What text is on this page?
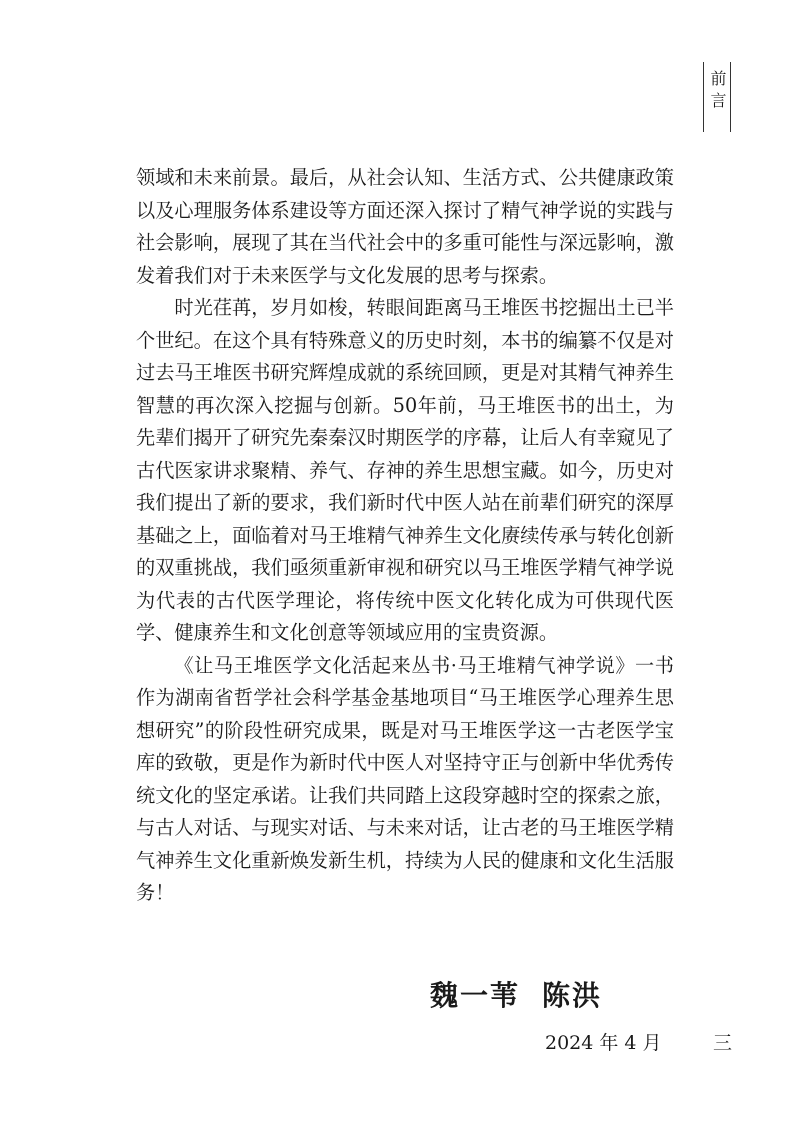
前言

领域和未来前景。最后，从社会认知、生活方式、公共健康政策以及心理服务体系建设等方面还深入探讨了精气神学说的实践与社会影响，展现了其在当代社会中的多重可能性与深远影响，激发着我们对于未来医学与文化发展的思考与探索。

时光荏苒，岁月如梭，转眼间距离马王堆医书挖掘出土已半个世纪。在这个具有特殊意义的历史时刻，本书的编纂不仅是对过去马王堆医书研究辉煌成就的系统回顾，更是对其精气神养生智慧的再次深入挖掘与创新。50年前，马王堆医书的出土，为先辈们揭开了研究先秦秦汉时期医学的序幕，让后人有幸窥见了古代医家讲求聚精、养气、存神的养生思想宝藏。如今，历史对我们提出了新的要求，我们新时代中医人站在前辈们研究的深厚基础之上，面临着对马王堆精气神养生文化赓续传承与转化创新的双重挑战，我们亟须重新审视和研究以马王堆医学精气神学说为代表的古代医学理论，将传统中医文化转化成为可供现代医学、健康养生和文化创意等领域应用的宝贵资源。

《让马王堆医学文化活起来丛书·马王堆精气神学说》一书作为湖南省哲学社会科学基金基地项目“马王堆医学心理养生思想研究”的阶段性研究成果，既是对马王堆医学这一古老医学宝库的致敬，更是作为新时代中医人对坚持守正与创新中华优秀传统文化的坚定承诺。让我们共同踏上这段穿越时空的探索之旅，与古人对话、与现实对话、与未来对话，让古老的马王堆医学精气神养生文化重新焕发新生机，持续为人民的健康和文化生活服务！

魏一苇 陈洪
2024 年 4 月	三
